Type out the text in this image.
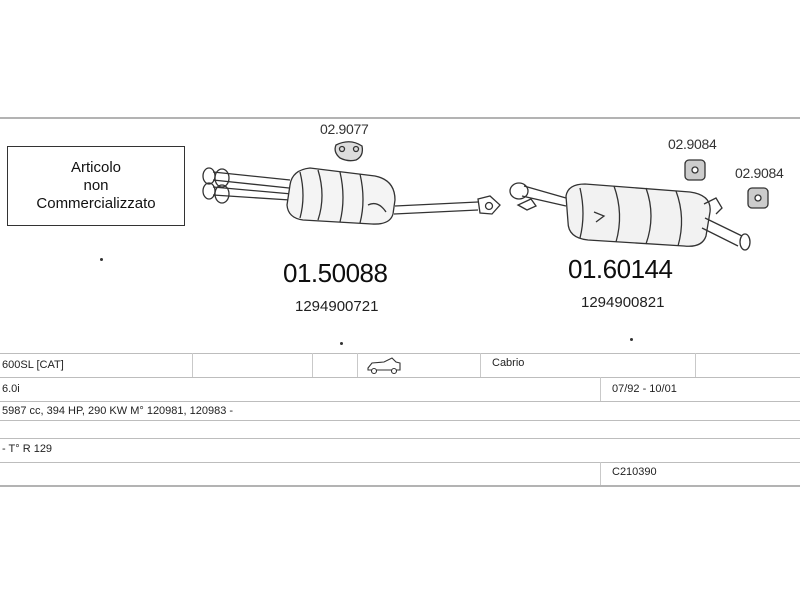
Articolo
non
Commercializzato
02.9077
02.9084
02.9084
01.50088
1294900721
01.60144
1294900821
600SL [CAT]	Cabrio
6.0i	07/92 - 10/01
5987 cc, 394 HP, 290 KW M° 120981, 120983 -
- T° R 129
C210390
